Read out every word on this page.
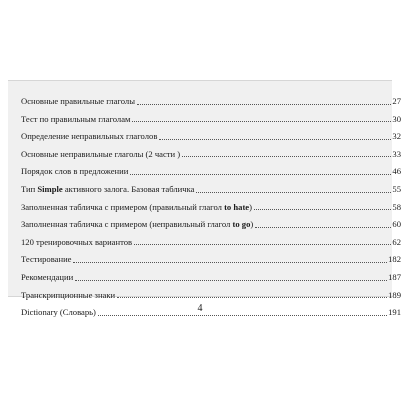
Основные правильные глаголы	27
Тест по правильным глаголам	30
Определение неправильных глаголов	32
Основные неправильные глаголы (2 части )	33
Порядок слов в предложении	46
Тип Simple активного залога. Базовая табличка	55
Заполненная табличка с примером (правильный глагол to hate)	58
Заполненная табличка с примером (неправильный глагол to go)	60
120 тренировочных вариантов	62
Тестирование	182
Рекомендации	187
Транскрипционные знаки	189
Dictionary (Словарь)	191
4
